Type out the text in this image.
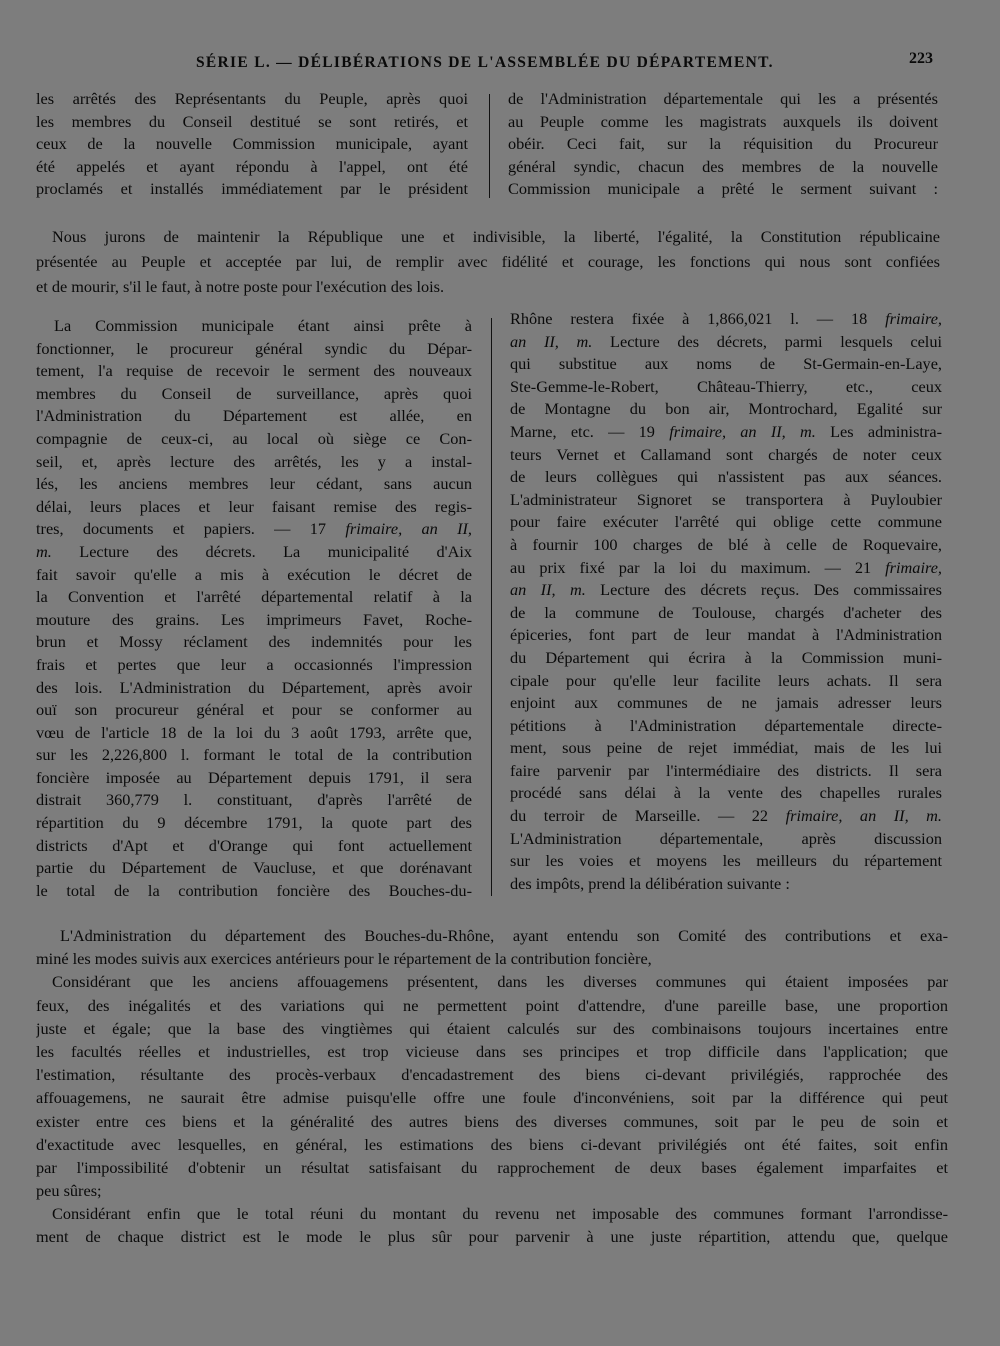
SÉRIE L. — DÉLIBÉRATIONS DE L'ASSEMBLÉE DU DÉPARTEMENT.	223
les arrêtés des Représentants du Peuple, après quoi
les membres du Conseil destitué se sont retirés, et
ceux de la nouvelle Commission municipale, ayant
été appelés et ayant répondu à l'appel, ont été
proclamés et installés immédiatement par le président
de l'Administration départementale qui les a présentés
au Peuple comme les magistrats auxquels ils doivent
obéir. Ceci fait, sur la réquisition du Procureur
général syndic, chacun des membres de la nouvelle
Commission municipale a prêté le serment suivant :
Nous jurons de maintenir la République une et indivisible, la liberté, l'égalité, la Constitution républicaine
présentée au Peuple et acceptée par lui, de remplir avec fidélité et courage, les fonctions qui nous sont confiées
et de mourir, s'il le faut, à notre poste pour l'exécution des lois.
La Commission municipale étant ainsi prête à
fonctionner, le procureur général syndic du Dépar-
tement, l'a requise de recevoir le serment des nouveaux
membres du Conseil de surveillance, après quoi
l'Administration du Département est allée, en
compagnie de ceux-ci, au local où siège ce Con-
seil, et, après lecture des arrêtés, les y a instal-
lés, les anciens membres leur cédant, sans aucun
délai, leurs places et leur faisant remise des regis-
tres, documents et papiers. — 17 frimaire, an II,
m. Lecture des décrets. La municipalité d'Aix
fait savoir qu'elle a mis à exécution le décret de
la Convention et l'arrêté départemental relatif à la
mouture des grains. Les imprimeurs Favet, Roche-
brun et Mossy réclament des indemnités pour les
frais et pertes que leur a occasionnés l'impression
des lois. L'Administration du Département, après avoir
ouï son procureur général et pour se conformer au
vœu de l'article 18 de la loi du 3 août 1793, arrête que,
sur les 2,226,800 l. formant le total de la contribution
foncière imposée au Département depuis 1791, il sera
distrait 360,779 l. constituant, d'après l'arrêté de
répartition du 9 décembre 1791, la quote part des
districts d'Apt et d'Orange qui font actuellement
partie du Département de Vaucluse, et que dorénavant
le total de la contribution foncière des Bouches-du-
Rhône restera fixée à 1,866,021 l. — 18 frimaire,
an II, m. Lecture des décrets, parmi lesquels celui
qui substitue aux noms de St-Germain-en-Laye,
Ste-Gemme-le-Robert, Château-Thierry, etc., ceux
de Montagne du bon air, Montrochard, Egalité sur
Marne, etc. — 19 frimaire, an II, m. Les administra-
teurs Vernet et Callamand sont chargés de noter ceux
de leurs collègues qui n'assistent pas aux séances.
L'administrateur Signoret se transportera à Puyloubier
pour faire exécuter l'arrêté qui oblige cette commune
à fournir 100 charges de blé à celle de Roquevaire,
au prix fixé par la loi du maximum. — 21 frimaire,
an II, m. Lecture des décrets reçus. Des commissaires
de la commune de Toulouse, chargés d'acheter des
épiceries, font part de leur mandat à l'Administration
du Département qui écrira à la Commission muni-
cipale pour qu'elle leur facilite leurs achats. Il sera
enjoint aux communes de ne jamais adresser leurs
pétitions à l'Administration départementale directe-
ment, sous peine de rejet immédiat, mais de les lui
faire parvenir par l'intermédiaire des districts. Il sera
procédé sans délai à la vente des chapelles rurales
du terroir de Marseille. — 22 frimaire, an II, m.
L'Administration départementale, après discussion
sur les voies et moyens les meilleurs du répartement
des impôts, prend la délibération suivante :
L'Administration du département des Bouches-du-Rhône, ayant entendu son Comité des contributions et exa-
miné les modes suivis aux exercices antérieurs pour le répartement de la contribution foncière,
Considérant que les anciens affouagemens présentent, dans les diverses communes qui étaient imposées par
feux, des inégalités et des variations qui ne permettent point d'attendre, d'une pareille base, une proportion
juste et égale; que la base des vingtièmes qui étaient calculés sur des combinaisons toujours incertaines entre
les facultés réelles et industrielles, est trop vicieuse dans ses principes et trop difficile dans l'application; que
l'estimation, résultante des procès-verbaux d'encadastrement des biens ci-devant privilégiés, rapprochée des
affouagemens, ne saurait être admise puisqu'elle offre une foule d'inconvéniens, soit par la différence qui peut
exister entre ces biens et la généralité des autres biens des diverses communes, soit par le peu de soin et
d'exactitude avec lesquelles, en général, les estimations des biens ci-devant privilégiés ont été faites, soit enfin
par l'impossibilité d'obtenir un résultat satisfaisant du rapprochement de deux bases également imparfaites et
peu sûres;
Considérant enfin que le total réuni du montant du revenu net imposable des communes formant l'arrondisse-
ment de chaque district est le mode le plus sûr pour parvenir à une juste répartition, attendu que, quelque
